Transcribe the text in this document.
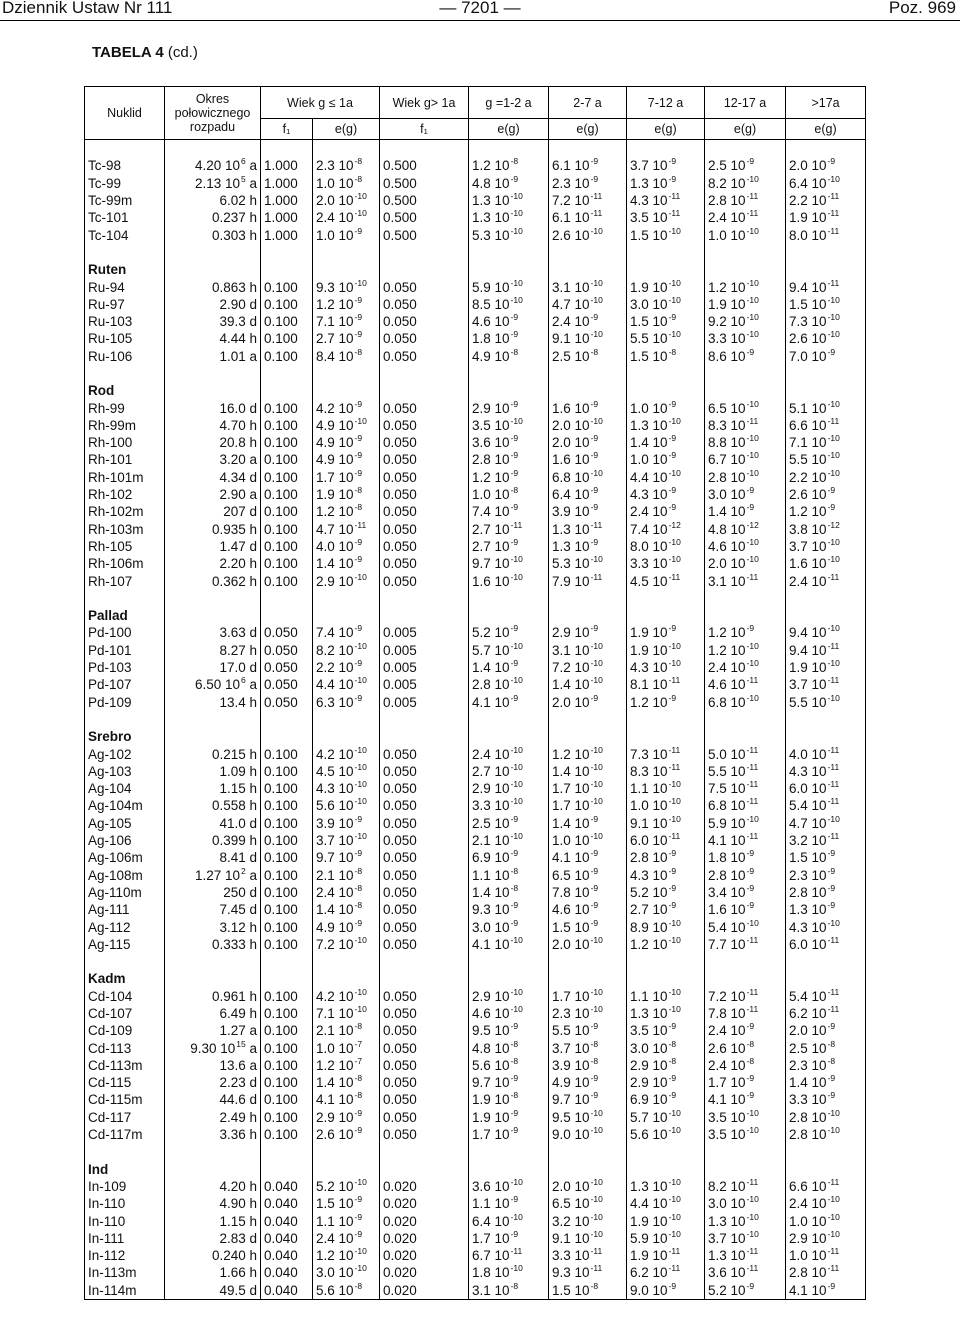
Dziennik Ustaw Nr 111	— 7201 —	Poz. 969
TABELA 4 (cd.)
Nuklid	Okres połowicznego rozpadu	Wiek g ≤ 1a		Wiek g> 1a	g =1-2 a	2-7 a	7-12 a	12-17 a	>17a
		f₁	e(g)	f₁	e(g)	e(g)	e(g)	e(g)	e(g)

Tc-98	4.20 $10^6$ a	1.000	2.3 $10^{-8}$	0.500	1.2 $10^{-8}$	6.1 $10^{-9}$	3.7 $10^{-9}$	2.5 $10^{-9}$	2.0 $10^{-9}$
Tc-99	2.13 $10^5$ a	1.000	1.0 $10^{-8}$	0.500	4.8 $10^{-9}$	2.3 $10^{-9}$	1.3 $10^{-9}$	8.2 $10^{-10}$	6.4 $10^{-10}$
Tc-99m	6.02 h	1.000	2.0 $10^{-10}$	0.500	1.3 $10^{-10}$	7.2 $10^{-11}$	4.3 $10^{-11}$	2.8 $10^{-11}$	2.2 $10^{-11}$
Tc-101	0.237 h	1.000	2.4 $10^{-10}$	0.500	1.3 $10^{-10}$	6.1 $10^{-11}$	3.5 $10^{-11}$	2.4 $10^{-11}$	1.9 $10^{-11}$
Tc-104	0.303 h	1.000	1.0 $10^{-9}$	0.500	5.3 $10^{-10}$	2.6 $10^{-10}$	1.5 $10^{-10}$	1.0 $10^{-10}$	8.0 $10^{-11}$

Ruten									
Ru-94	0.863 h	0.100	9.3 $10^{-10}$	0.050	5.9 $10^{-10}$	3.1 $10^{-10}$	1.9 $10^{-10}$	1.2 $10^{-10}$	9.4 $10^{-11}$
Ru-97	2.90 d	0.100	1.2 $10^{-9}$	0.050	8.5 $10^{-10}$	4.7 $10^{-10}$	3.0 $10^{-10}$	1.9 $10^{-10}$	1.5 $10^{-10}$
Ru-103	39.3 d	0.100	7.1 $10^{-9}$	0.050	4.6 $10^{-9}$	2.4 $10^{-9}$	1.5 $10^{-9}$	9.2 $10^{-10}$	7.3 $10^{-10}$
Ru-105	4.44 h	0.100	2.7 $10^{-9}$	0.050	1.8 $10^{-9}$	9.1 $10^{-10}$	5.5 $10^{-10}$	3.3 $10^{-10}$	2.6 $10^{-10}$
Ru-106	1.01 a	0.100	8.4 $10^{-8}$	0.050	4.9 $10^{-8}$	2.5 $10^{-8}$	1.5 $10^{-8}$	8.6 $10^{-9}$	7.0 $10^{-9}$

Rod									
Rh-99	16.0 d	0.100	4.2 $10^{-9}$	0.050	2.9 $10^{-9}$	1.6 $10^{-9}$	1.0 $10^{-9}$	6.5 $10^{-10}$	5.1 $10^{-10}$
Rh-99m	4.70 h	0.100	4.9 $10^{-10}$	0.050	3.5 $10^{-10}$	2.0 $10^{-10}$	1.3 $10^{-10}$	8.3 $10^{-11}$	6.6 $10^{-11}$
Rh-100	20.8 h	0.100	4.9 $10^{-9}$	0.050	3.6 $10^{-9}$	2.0 $10^{-9}$	1.4 $10^{-9}$	8.8 $10^{-10}$	7.1 $10^{-10}$
Rh-101	3.20 a	0.100	4.9 $10^{-9}$	0.050	2.8 $10^{-9}$	1.6 $10^{-9}$	1.0 $10^{-9}$	6.7 $10^{-10}$	5.5 $10^{-10}$
Rh-101m	4.34 d	0.100	1.7 $10^{-9}$	0.050	1.2 $10^{-9}$	6.8 $10^{-10}$	4.4 $10^{-10}$	2.8 $10^{-10}$	2.2 $10^{-10}$
Rh-102	2.90 a	0.100	1.9 $10^{-8}$	0.050	1.0 $10^{-8}$	6.4 $10^{-9}$	4.3 $10^{-9}$	3.0 $10^{-9}$	2.6 $10^{-9}$
Rh-102m	207 d	0.100	1.2 $10^{-8}$	0.050	7.4 $10^{-9}$	3.9 $10^{-9}$	2.4 $10^{-9}$	1.4 $10^{-9}$	1.2 $10^{-9}$
Rh-103m	0.935 h	0.100	4.7 $10^{-11}$	0.050	2.7 $10^{-11}$	1.3 $10^{-11}$	7.4 $10^{-12}$	4.8 $10^{-12}$	3.8 $10^{-12}$
Rh-105	1.47 d	0.100	4.0 $10^{-9}$	0.050	2.7 $10^{-9}$	1.3 $10^{-9}$	8.0 $10^{-10}$	4.6 $10^{-10}$	3.7 $10^{-10}$
Rh-106m	2.20 h	0.100	1.4 $10^{-9}$	0.050	9.7 $10^{-10}$	5.3 $10^{-10}$	3.3 $10^{-10}$	2.0 $10^{-10}$	1.6 $10^{-10}$
Rh-107	0.362 h	0.100	2.9 $10^{-10}$	0.050	1.6 $10^{-10}$	7.9 $10^{-11}$	4.5 $10^{-11}$	3.1 $10^{-11}$	2.4 $10^{-11}$

Pallad									
Pd-100	3.63 d	0.050	7.4 $10^{-9}$	0.005	5.2 $10^{-9}$	2.9 $10^{-9}$	1.9 $10^{-9}$	1.2 $10^{-9}$	9.4 $10^{-10}$
Pd-101	8.27 h	0.050	8.2 $10^{-10}$	0.005	5.7 $10^{-10}$	3.1 $10^{-10}$	1.9 $10^{-10}$	1.2 $10^{-10}$	9.4 $10^{-11}$
Pd-103	17.0 d	0.050	2.2 $10^{-9}$	0.005	1.4 $10^{-9}$	7.2 $10^{-10}$	4.3 $10^{-10}$	2.4 $10^{-10}$	1.9 $10^{-10}$
Pd-107	6.50 $10^6$ a	0.050	4.4 $10^{-10}$	0.005	2.8 $10^{-10}$	1.4 $10^{-10}$	8.1 $10^{-11}$	4.6 $10^{-11}$	3.7 $10^{-11}$
Pd-109	13.4 h	0.050	6.3 $10^{-9}$	0.005	4.1 $10^{-9}$	2.0 $10^{-9}$	1.2 $10^{-9}$	6.8 $10^{-10}$	5.5 $10^{-10}$

Srebro									
Ag-102	0.215 h	0.100	4.2 $10^{-10}$	0.050	2.4 $10^{-10}$	1.2 $10^{-10}$	7.3 $10^{-11}$	5.0 $10^{-11}$	4.0 $10^{-11}$
Ag-103	1.09 h	0.100	4.5 $10^{-10}$	0.050	2.7 $10^{-10}$	1.4 $10^{-10}$	8.3 $10^{-11}$	5.5 $10^{-11}$	4.3 $10^{-11}$
Ag-104	1.15 h	0.100	4.3 $10^{-10}$	0.050	2.9 $10^{-10}$	1.7 $10^{-10}$	1.1 $10^{-10}$	7.5 $10^{-11}$	6.0 $10^{-11}$
Ag-104m	0.558 h	0.100	5.6 $10^{-10}$	0.050	3.3 $10^{-10}$	1.7 $10^{-10}$	1.0 $10^{-10}$	6.8 $10^{-11}$	5.4 $10^{-11}$
Ag-105	41.0 d	0.100	3.9 $10^{-9}$	0.050	2.5 $10^{-9}$	1.4 $10^{-9}$	9.1 $10^{-10}$	5.9 $10^{-10}$	4.7 $10^{-10}$
Ag-106	0.399 h	0.100	3.7 $10^{-10}$	0.050	2.1 $10^{-10}$	1.0 $10^{-10}$	6.0 $10^{-11}$	4.1 $10^{-11}$	3.2 $10^{-11}$
Ag-106m	8.41 d	0.100	9.7 $10^{-9}$	0.050	6.9 $10^{-9}$	4.1 $10^{-9}$	2.8 $10^{-9}$	1.8 $10^{-9}$	1.5 $10^{-9}$
Ag-108m	1.27 $10^2$ a	0.100	2.1 $10^{-8}$	0.050	1.1 $10^{-8}$	6.5 $10^{-9}$	4.3 $10^{-9}$	2.8 $10^{-9}$	2.3 $10^{-9}$
Ag-110m	250 d	0.100	2.4 $10^{-8}$	0.050	1.4 $10^{-8}$	7.8 $10^{-9}$	5.2 $10^{-9}$	3.4 $10^{-9}$	2.8 $10^{-9}$
Ag-111	7.45 d	0.100	1.4 $10^{-8}$	0.050	9.3 $10^{-9}$	4.6 $10^{-9}$	2.7 $10^{-9}$	1.6 $10^{-9}$	1.3 $10^{-9}$
Ag-112	3.12 h	0.100	4.9 $10^{-9}$	0.050	3.0 $10^{-9}$	1.5 $10^{-9}$	8.9 $10^{-10}$	5.4 $10^{-10}$	4.3 $10^{-10}$
Ag-115	0.333 h	0.100	7.2 $10^{-10}$	0.050	4.1 $10^{-10}$	2.0 $10^{-10}$	1.2 $10^{-10}$	7.7 $10^{-11}$	6.0 $10^{-11}$

Kadm									
Cd-104	0.961 h	0.100	4.2 $10^{-10}$	0.050	2.9 $10^{-10}$	1.7 $10^{-10}$	1.1 $10^{-10}$	7.2 $10^{-11}$	5.4 $10^{-11}$
Cd-107	6.49 h	0.100	7.1 $10^{-10}$	0.050	4.6 $10^{-10}$	2.3 $10^{-10}$	1.3 $10^{-10}$	7.8 $10^{-11}$	6.2 $10^{-11}$
Cd-109	1.27 a	0.100	2.1 $10^{-8}$	0.050	9.5 $10^{-9}$	5.5 $10^{-9}$	3.5 $10^{-9}$	2.4 $10^{-9}$	2.0 $10^{-9}$
Cd-113	9.30 $10^{15}$ a	0.100	1.0 $10^{-7}$	0.050	4.8 $10^{-8}$	3.7 $10^{-8}$	3.0 $10^{-8}$	2.6 $10^{-8}$	2.5 $10^{-8}$
Cd-113m	13.6 a	0.100	1.2 $10^{-7}$	0.050	5.6 $10^{-8}$	3.9 $10^{-8}$	2.9 $10^{-8}$	2.4 $10^{-8}$	2.3 $10^{-8}$
Cd-115	2.23 d	0.100	1.4 $10^{-8}$	0.050	9.7 $10^{-9}$	4.9 $10^{-9}$	2.9 $10^{-9}$	1.7 $10^{-9}$	1.4 $10^{-9}$
Cd-115m	44.6 d	0.100	4.1 $10^{-8}$	0.050	1.9 $10^{-8}$	9.7 $10^{-9}$	6.9 $10^{-9}$	4.1 $10^{-9}$	3.3 $10^{-9}$
Cd-117	2.49 h	0.100	2.9 $10^{-9}$	0.050	1.9 $10^{-9}$	9.5 $10^{-10}$	5.7 $10^{-10}$	3.5 $10^{-10}$	2.8 $10^{-10}$
Cd-117m	3.36 h	0.100	2.6 $10^{-9}$	0.050	1.7 $10^{-9}$	9.0 $10^{-10}$	5.6 $10^{-10}$	3.5 $10^{-10}$	2.8 $10^{-10}$

Ind									
In-109	4.20 h	0.040	5.2 $10^{-10}$	0.020	3.6 $10^{-10}$	2.0 $10^{-10}$	1.3 $10^{-10}$	8.2 $10^{-11}$	6.6 $10^{-11}$
In-110	4.90 h	0.040	1.5 $10^{-9}$	0.020	1.1 $10^{-9}$	6.5 $10^{-10}$	4.4 $10^{-10}$	3.0 $10^{-10}$	2.4 $10^{-10}$
In-110	1.15 h	0.040	1.1 $10^{-9}$	0.020	6.4 $10^{-10}$	3.2 $10^{-10}$	1.9 $10^{-10}$	1.3 $10^{-10}$	1.0 $10^{-10}$
In-111	2.83 d	0.040	2.4 $10^{-9}$	0.020	1.7 $10^{-9}$	9.1 $10^{-10}$	5.9 $10^{-10}$	3.7 $10^{-10}$	2.9 $10^{-10}$
In-112	0.240 h	0.040	1.2 $10^{-10}$	0.020	6.7 $10^{-11}$	3.3 $10^{-11}$	1.9 $10^{-11}$	1.3 $10^{-11}$	1.0 $10^{-11}$
In-113m	1.66 h	0.040	3.0 $10^{-10}$	0.020	1.8 $10^{-10}$	9.3 $10^{-11}$	6.2 $10^{-11}$	3.6 $10^{-11}$	2.8 $10^{-11}$
In-114m	49.5 d	0.040	5.6 $10^{-8}$	0.020	3.1 $10^{-8}$	1.5 $10^{-8}$	9.0 $10^{-9}$	5.2 $10^{-9}$	4.1 $10^{-9}$
